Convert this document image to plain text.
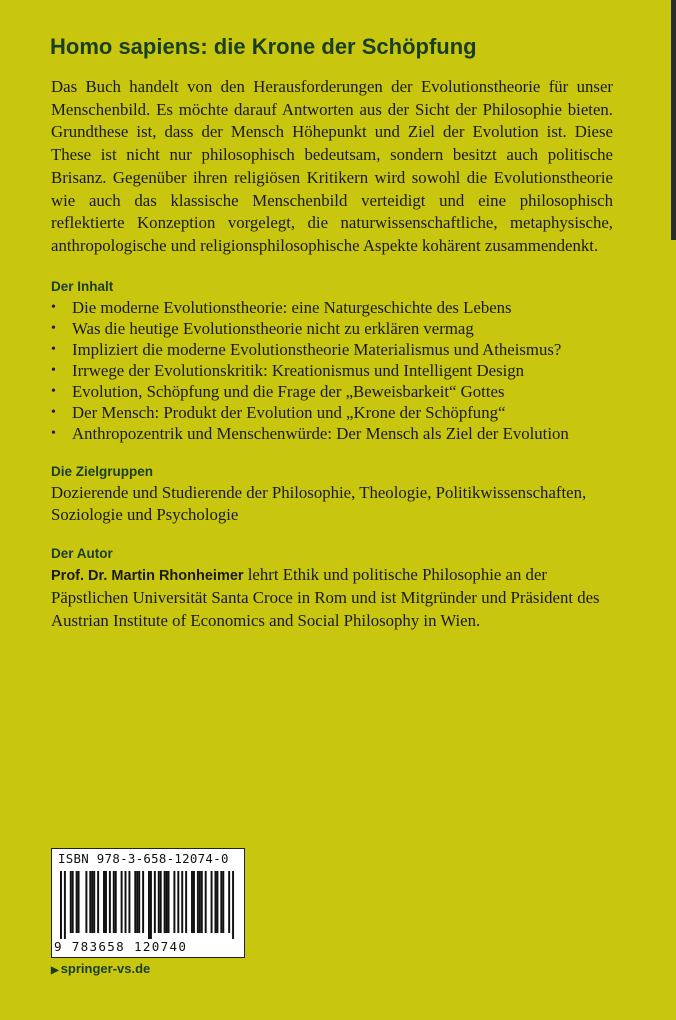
Homo sapiens: die Krone der Schöpfung

Das Buch handelt von den Herausforderungen der Evolutionstheorie für unser Menschenbild. Es möchte darauf Antworten aus der Sicht der Philosophie bieten. Grundthese ist, dass der Mensch Höhepunkt und Ziel der Evolution ist. Diese These ist nicht nur philosophisch bedeutsam, sondern besitzt auch politische Brisanz. Gegenüber ihren religiösen Kritikern wird sowohl die Evolutionstheorie wie auch das klassische Menschenbild verteidigt und eine philosophisch reflektierte Konzeption vorgelegt, die naturwissenschaftliche, metaphysische, anthropologische und religionsphilosophische Aspekte kohärent zusammendenkt.

Der Inhalt
• Die moderne Evolutionstheorie: eine Naturgeschichte des Lebens
• Was die heutige Evolutionstheorie nicht zu erklären vermag
• Impliziert die moderne Evolutionstheorie Materialismus und Atheismus?
• Irrwege der Evolutionskritik: Kreationismus und Intelligent Design
• Evolution, Schöpfung und die Frage der „Beweisbarkeit“ Gottes
• Der Mensch: Produkt der Evolution und „Krone der Schöpfung“
• Anthropozentrik und Menschenwürde: Der Mensch als Ziel der Evolution
Die Zielgruppen

Dozierende und Studierende der Philosophie, Theologie, Politikwissenschaften, Soziologie und Psychologie

Der Autor

Prof. Dr. Martin Rhonheimer lehrt Ethik und politische Philosophie an der Päpstlichen Universität Santa Croce in Rom und ist Mitgründer und Präsident des Austrian Institute of Economics and Social Philosophy in Wien.

ISBN 978-3-658-12074-0
9 783658 120740
▶ springer-vs.de
